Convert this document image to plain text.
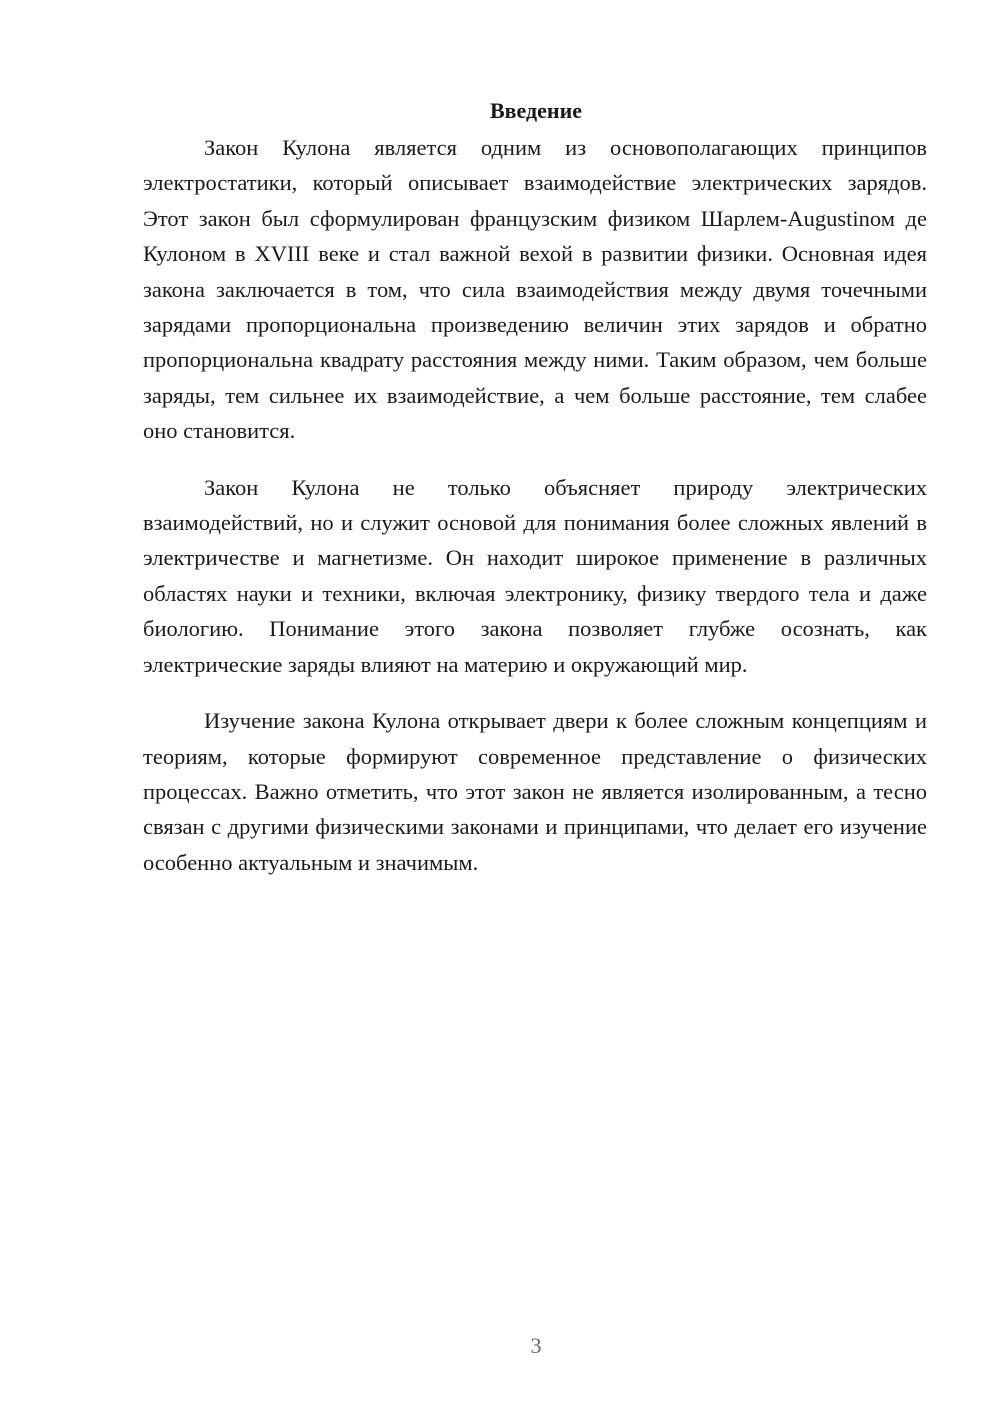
Введение

Закон Кулона является одним из основополагающих принципов электростатики, который описывает взаимодействие электрических зарядов. Этот закон был сформулирован французским физиком Шарлем-Augustinом де Кулоном в XVIII веке и стал важной вехой в развитии физики. Основная идея закона заключается в том, что сила взаимодействия между двумя точечными зарядами пропорциональна произведению величин этих зарядов и обратно пропорциональна квадрату расстояния между ними. Таким образом, чем больше заряды, тем сильнее их взаимодействие, а чем больше расстояние, тем слабее оно становится.

Закон Кулона не только объясняет природу электрических взаимодействий, но и служит основой для понимания более сложных явлений в электричестве и магнетизме. Он находит широкое применение в различных областях науки и техники, включая электронику, физику твердого тела и даже биологию. Понимание этого закона позволяет глубже осознать, как электрические заряды влияют на материю и окружающий мир.

Изучение закона Кулона открывает двери к более сложным концепциям и теориям, которые формируют современное представление о физических процессах. Важно отметить, что этот закон не является изолированным, а тесно связан с другими физическими законами и принципами, что делает его изучение особенно актуальным и значимым.

3
